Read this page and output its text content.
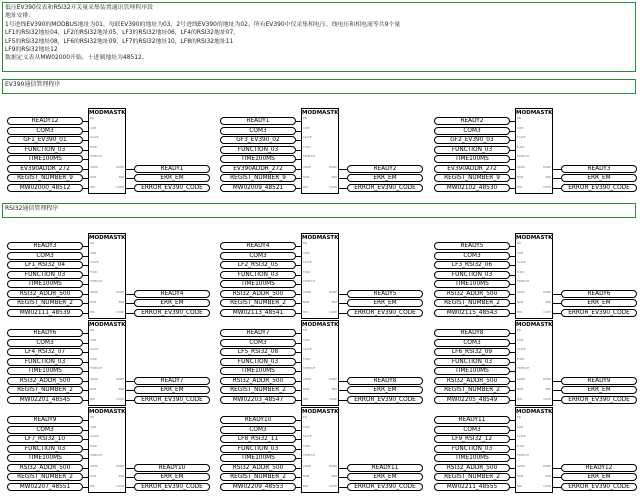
低压EV390仪表和RSI32开关量采集装置通讯管理程序段
地址安排：
1号进线EV390的MODBUS地址为01、母联EV390的地址为03、2号进线EV390的地址为02。所有EV390中仅采集相电压、线电压和相电流等共9个量
LF1的RSI32地址04，LF2的RSI32地址05，LF3的RSI32地址06，LF4的RSI32地址07，
LF5的RSI32地址08，LF6的RSI32地址09，LF7的RSI32地址10，LF8的RSI32地址11
LF9的RSI32地址12
数据定义表从MW02000开始，十进制地址为48512。
EV390通信管理程序
RSI32通信管理程序
MODMASTK
EN
COM
SLAVE
FUNC
TIMEOUT
ADDR
NUM
MW
DONE
ERR
CODE
READY12
COM3
GF1_EV390_01
FUNCTION_03
TIME100MS
EV390ADDR_272
REGIST_NUMBER_9
MW02000_48512
READY1
ERR_EM
ERROR_EV390_CODE
MODMASTK
EN
COM
SLAVE
FUNC
TIMEOUT
ADDR
NUM
MW
DONE
ERR
CODE
READY1
COM3
GF3_EV390_02
FUNCTION_03
TIME100MS
EV390ADDR_272
REGIST_NUMBER_9
MW02009_48521
READY2
ERR_EM
ERROR_EV390_CODE
MODMASTK
EN
COM
SLAVE
FUNC
TIMEOUT
ADDR
NUM
MW
DONE
ERR
CODE
READY2
COM3
GF2_EV390_03
FUNCTION_03
TIME100MS
EV390ADDR_272
REGIST_NUMBER_9
MW02102_48530
READY3
ERR_EM
ERROR_EV390_CODE
MODMASTK
EN
COM
SLAVE
FUNC
TIMEOUT
ADDR
NUM
MW
DONE
ERR
CODE
READY3
COM3
LF1_RSI32_04
FUNCTION_03
TIME100MS
RSI32_ADDR_500
REGIST_NUMBER_2
MW02111_48539
READY4
ERR_EM
ERROR_EV390_CODE
MODMASTK
EN
COM
SLAVE
FUNC
TIMEOUT
ADDR
NUM
MW
DONE
ERR
CODE
READY4
COM3
LF2_RSI32_05
FUNCTION_03
TIME100MS
RSI32_ADDR_500
REGIST_NUMBER_2
MW02113_48541
READY5
ERR_EM
ERROR_EV390_CODE
MODMASTK
EN
COM
SLAVE
FUNC
TIMEOUT
ADDR
NUM
MW
DONE
ERR
CODE
READY5
COM3
LF3_RSI32_06
FUNCTION_03
TIME100MS
RSI32_ADDR_500
REGIST_NUMBER_2
MW02115_48543
READY6
ERR_EM
ERROR_EV390_CODE
MODMASTK
EN
COM
SLAVE
FUNC
TIMEOUT
ADDR
NUM
MW
DONE
ERR
CODE
READY6
COM3
LF4_RSI32_07
FUNCTION_03
TIME100MS
RSI32_ADDR_500
REGIST_NUMBER_2
MW02201_48545
READY7
ERR_EM
ERROR_EV390_CODE
MODMASTK
EN
COM
SLAVE
FUNC
TIMEOUT
ADDR
NUM
MW
DONE
ERR
CODE
READY7
COM3
LF5_RSI32_08
FUNCTION_03
TIME100MS
RSI32_ADDR_500
REGIST_NUMBER_2
MW02203_48547
READY8
ERR_EM
ERROR_EV390_CODE
MODMASTK
EN
COM
SLAVE
FUNC
TIMEOUT
ADDR
NUM
MW
DONE
ERR
CODE
READY8
COM3
LF6_RSI32_09
FUNCTION_03
TIME100MS
RSI32_ADDR_500
REGIST_NUMBER_2
MW02205_48549
READY9
ERR_EM
ERROR_EV390_CODE
MODMASTK
EN
COM
SLAVE
FUNC
TIMEOUT
ADDR
NUM
MW
DONE
ERR
CODE
READY9
COM3
LF7_RSI32_10
FUNCTION_03
TIME100MS
RSI32_ADDR_500
REGIST_NUMBER_2
MW02207_48551
READY10
ERR_EM
ERROR_EV390_CODE
MODMASTK
EN
COM
SLAVE
FUNC
TIMEOUT
ADDR
NUM
MW
DONE
ERR
CODE
READY10
COM3
LF8_RSI32_11
FUNCTION_03
TIME100MS
RSI32_ADDR_500
REGIST_NUMBER_2
MW02209_48553
READY11
ERR_EM
ERROR_EV390_CODE
MODMASTK
EN
COM
SLAVE
FUNC
TIMEOUT
ADDR
NUM
MW
DONE
ERR
CODE
READY11
COM3
LF9_RSI32_12
FUNCTION_03
TIME100MS
RSI32_ADDR_500
REGIST_NUMBER_2
MW02211_48555
READY12
ERR_EM
ERROR_EV390_CODE
